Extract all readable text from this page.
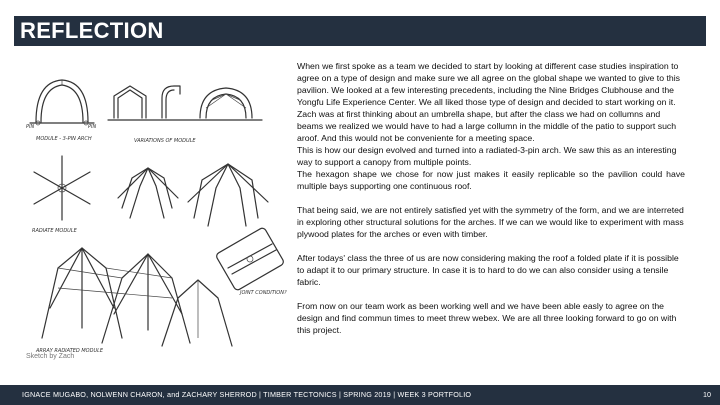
REFLECTION
PIN	PIN
MODULE - 3-PIN ARCH	VARIATIONS OF MODULE
RADIATE MODULE
ARRAY RADIATED MODULE
JOINT CONDITION?
Sketch by Zach

When we first spoke as a team we decided to start by looking at different case studies inspiration to agree on a type of design and make sure we all agree on the global shape we wanted to give to this pavilion. We looked at a few interesting precedents, including the Nine Bridges Clubhouse and the Yongfu Life Experience Center. We all liked those type of design and decided to start working on it.

Zach was at first thinking about an umbrella shape, but after the class we had on collumns and beams we realized we would have to had a large collumn in the middle of the patio to support such aroof. And this would not be conveniente for a meeting space.

This is how our design evolved and turned into a radiated-3-pin arch. We saw this as an interesting way to support a canopy from multiple points.

The hexagon shape we chose for now just makes it easily replicable so the pavilion could have multiple bays supporting one continuous roof.

That being said, we are not entirely satisfied yet with the symmetry of the form, and we are interreted in exploring other structural solutions for the arches. If we can we would like to experiment with mass plywood plates for the arches or even with timber.

After todays' class the three of us are now considering making the roof a folded plate if it is possible to adapt it to our primary structure. In case it is to hard to do we can also consider using a tensile fabric.

From now on our team work as been working well and we have been able easly to agree on the design and find commun times to meet threw webex. We are all three looking forward to go on with this project.

IGNACE MUGABO, NOLWENN CHARON, and ZACHARY SHERROD | TIMBER TECTONICS | SPRING 2019 | WEEK 3 PORTFOLIO	10
